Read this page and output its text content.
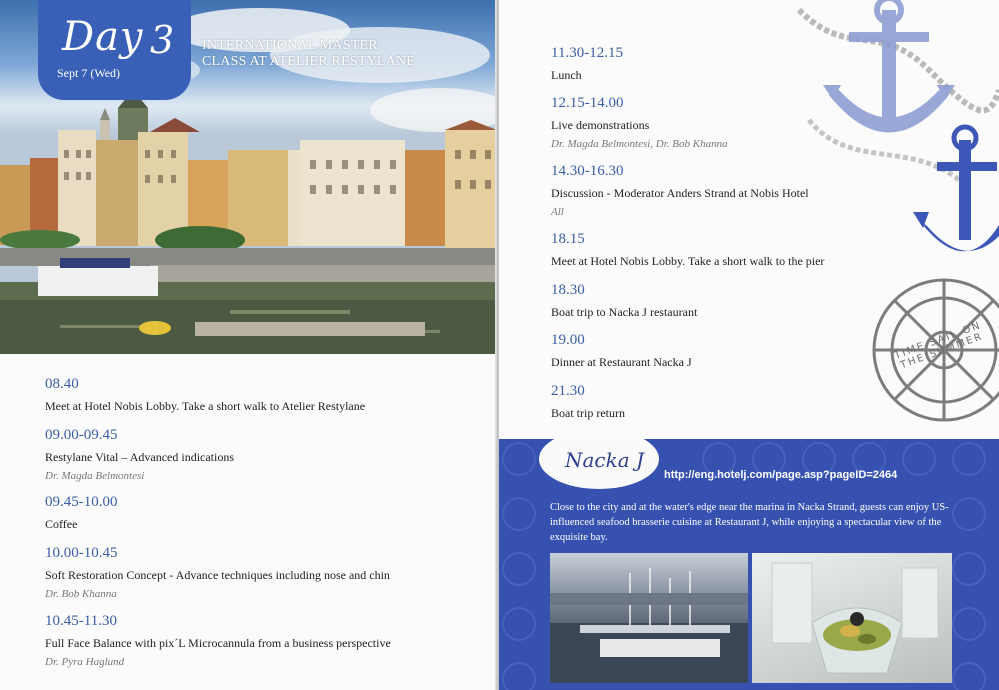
Day 3
Sept 7 (Wed)
INTERNATIONAL MASTER
CLASS AT ATELIER RESTYLANE
08.40
Meet at Hotel Nobis Lobby. Take a short walk to Atelier Restylane
09.00-09.45
Restylane Vital – Advanced indications
Dr. Magda Belmontesi
09.45-10.00
Coffee
10.00-10.45
Soft Restoration Concept - Advance techniques including nose and chin
Dr. Bob Khanna
10.45-11.30
Full Face Balance with pix´L Microcannula from a business perspective
Dr. Pyra Haglund
TIME SAIL ON THE SUMMER
11.30-12.15
Lunch
12.15-14.00
Live demonstrations
Dr. Magda Belmontesi, Dr. Bob Khanna
14.30-16.30
Discussion - Moderator Anders Strand at Nobis Hotel
All
18.15
Meet at Hotel Nobis Lobby. Take a short walk to the pier
18.30
Boat trip to Nacka J restaurant
19.00
Dinner at Restaurant Nacka J
21.30
Boat trip return
Nacka J
http://eng.hotelj.com/page.asp?pageID=2464

Close to the city and at the water's edge near the marina in Nacka Strand, guests can enjoy US-influenced seafood brasserie cuisine at Restaurant J, while enjoying a spectacular view of the exquisite bay.
